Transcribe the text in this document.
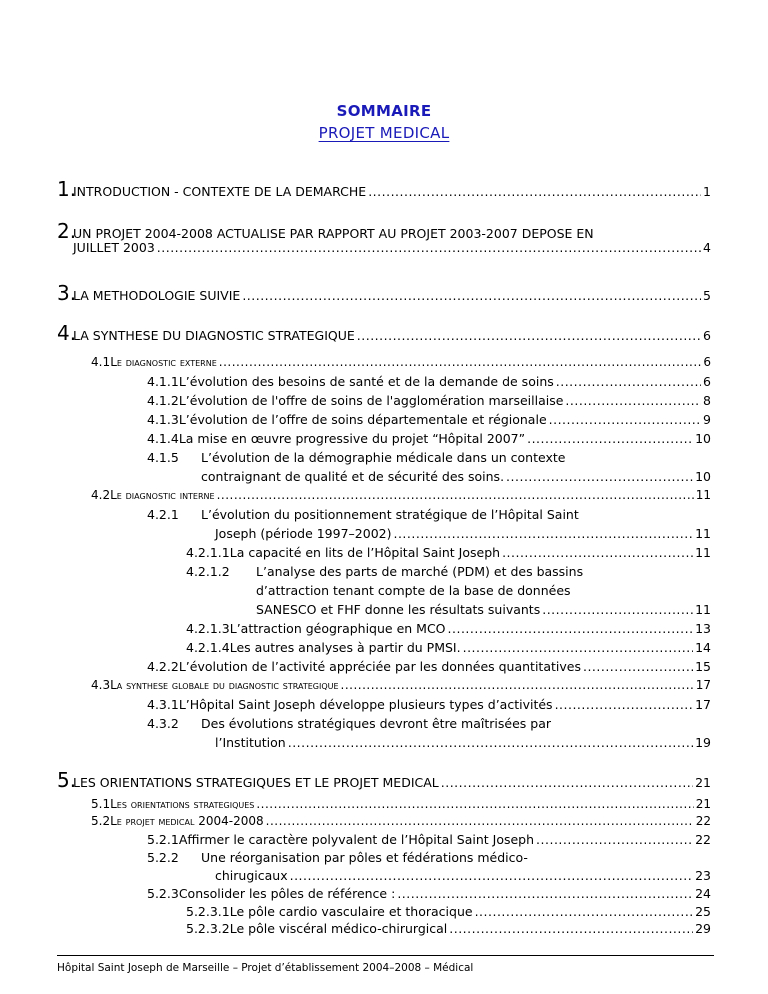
SOMMAIRE
PROJET MEDICAL
1.
INTRODUCTION - CONTEXTE DE LA DEMARCHE .....	1
2.
UN PROJET 2004-2008 ACTUALISE PAR RAPPORT AU PROJET 2003-2007 DEPOSE EN
JUILLET 2003 .....	4
3.
LA METHODOLOGIE SUIVIE .....	5
4.
LA SYNTHESE DU DIAGNOSTIC STRATEGIQUE .....	6
4.1 Le diagnostic externe .....	6
4.1.1 L’évolution des besoins de santé et de la demande de soins .....	6
4.1.2 L’évolution de l'offre de soins de l'agglomération marseillaise .....	8
4.1.3 L’évolution de l’offre de soins départementale et régionale .....	9
4.1.4 La mise en œuvre progressive du projet “Hôpital 2007” .....	10
4.1.5	L’évolution de la démographie médicale dans un contexte
contraignant de qualité et de sécurité des soins. .....	10
4.2 Le diagnostic interne .....	11
4.2.1	L’évolution du positionnement stratégique de l’Hôpital Saint
Joseph (période 1997–2002) .....	11
4.2.1.1 La capacité en lits de l’Hôpital Saint Joseph .....	11
4.2.1.2	L’analyse des parts de marché (PDM) et des bassins
d’attraction tenant compte de la base de données
SANESCO et FHF donne les résultats suivants .....	11
4.2.1.3 L’attraction géographique en MCO .....	13
4.2.1.4 Les autres analyses à partir du PMSI. .....	14
4.2.2 L’évolution de l’activité appréciée par les données quantitatives .....	15
4.3 La synthese globale du diagnostic strategique .....	17
4.3.1 L’Hôpital Saint Joseph développe plusieurs types d’activités .....	17
4.3.2	Des évolutions stratégiques devront être maîtrisées par
l’Institution .....	19
5.
LES ORIENTATIONS STRATEGIQUES ET LE PROJET MEDICAL .....	21
5.1 Les orientations strategiques .....	21
5.2 Le projet medical 2004-2008 .....	22
5.2.1 Affirmer le caractère polyvalent de l’Hôpital Saint Joseph .....	22
5.2.2	Une réorganisation par pôles et fédérations médico-
chirugicaux .....	23
5.2.3 Consolider les pôles de référence : .....	24
5.2.3.1 Le pôle cardio vasculaire et thoracique .....	25
5.2.3.2 Le pôle viscéral médico-chirurgical .....	29
Hôpital Saint Joseph de Marseille – Projet d’établissement 2004–2008 – Médical
